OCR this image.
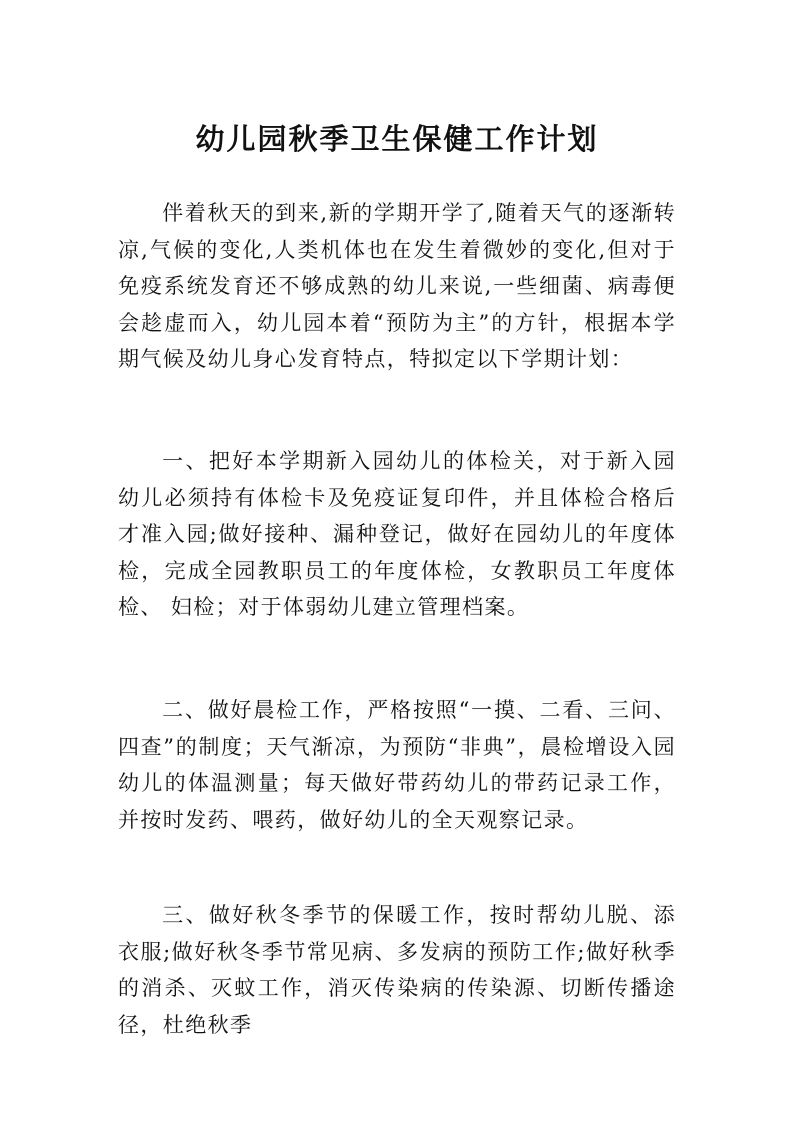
幼儿园秋季卫生保健工作计划

伴着秋天的到来,新的学期开学了,随着天气的逐渐转凉,气候的变化,人类机体也在发生着微妙的变化,但对于免疫系统发育还不够成熟的幼儿来说,一些细菌、病毒便会趁虚而入，幼儿园本着“预防为主”的方针，根据本学期气候及幼儿身心发育特点，特拟定以下学期计划：

一、把好本学期新入园幼儿的体检关，对于新入园幼儿必须持有体检卡及免疫证复印件，并且体检合格后才准入园;做好接种、漏种登记，做好在园幼儿的年度体检，完成全园教职员工的年度体检，女教职员工年度体检、 妇检；对于体弱幼儿建立管理档案。

二、做好晨检工作，严格按照“一摸、二看、三问、四查”的制度；天气渐凉，为预防“非典”，晨检增设入园幼儿的体温测量；每天做好带药幼儿的带药记录工作，并按时发药、喂药，做好幼儿的全天观察记录。

三、做好秋冬季节的保暖工作，按时帮幼儿脱、添衣服;做好秋冬季节常见病、多发病的预防工作;做好秋季的消杀、灭蚊工作，消灭传染病的传染源、切断传播途径，杜绝秋季
